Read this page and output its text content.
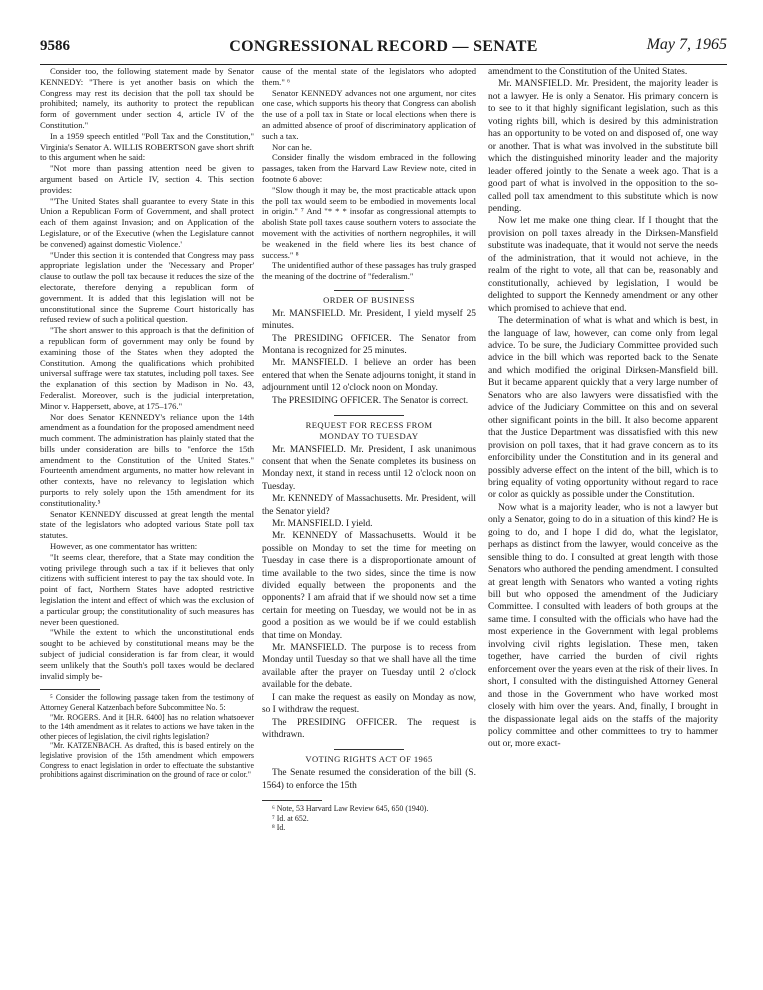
9586	CONGRESSIONAL RECORD — SENATE	May 7, 1965

Consider too, the following statement made by Senator KENNEDY: "There is yet another basis on which the Congress may rest its decision that the poll tax should be prohibited; namely, its authority to protect the republican form of government under section 4, article IV of the Constitution."

In a 1959 speech entitled "Poll Tax and the Constitution," Virginia's Senator A. WILLIS ROBERTSON gave short shrift to this argument when he said:

"Not more than passing attention need be given to argument based on Article IV, section 4. This section provides:

"'The United States shall guarantee to every State in this Union a Republican Form of Government, and shall protect each of them against Invasion; and on Application of the Legislature, or of the Executive (when the Legislature cannot be convened) against domestic Violence.'

"Under this section it is contended that Congress may pass appropriate legislation under the 'Necessary and Proper' clause to outlaw the poll tax because it reduces the size of the electorate, therefore denying a republican form of government. It is added that this legislation will not be unconstitutional since the Supreme Court historically has refused review of such a political question.

"The short answer to this approach is that the definition of a republican form of government may only be found by examining those of the States when they adopted the Constitution. Among the qualifications which prohibited universal suffrage were tax statutes, including poll taxes. See the explanation of this section by Madison in No. 43, Federalist. Moreover, such is the judicial interpretation, Minor v. Happersett, above, at 175–176."

Nor does Senator KENNEDY's reliance upon the 14th amendment as a foundation for the proposed amendment need much comment. The administration has plainly stated that the bills under consideration are bills to "enforce the 15th amendment to the Constitution of the United States." Fourteenth amendment arguments, no matter how relevant in other contexts, have no relevancy to legislation which purports to rely solely upon the 15th amendment for its constitutionality.⁵

Senator KENNEDY discussed at great length the mental state of the legislators who adopted various State poll tax statutes.

However, as one commentator has written:

"It seems clear, therefore, that a State may condition the voting privilege through such a tax if it believes that only citizens with sufficient interest to pay the tax should vote. In point of fact, Northern States have adopted restrictive legislation the intent and effect of which was the exclusion of a particular group; the constitutionality of such measures has never been questioned.

"While the extent to which the unconstitutional ends sought to be achieved by constitutional means may be the subject of judicial consideration is far from clear, it would seem unlikely that the South's poll taxes would be declared invalid simply be-

⁵ Consider the following passage taken from the testimony of Attorney General Katzenbach before Subcommittee No. 5:

"Mr. ROGERS. And it [H.R. 6400] has no relation whatsoever to the 14th amendment as it relates to actions we have taken in the other pieces of legislation, the civil rights legislation?

"Mr. KATZENBACH. As drafted, this is based entirely on the legislative provision of the 15th amendment which empowers Congress to enact legislation in order to effectuate the substantive prohibitions against discrimination on the ground of race or color."

cause of the mental state of the legislators who adopted them." ⁶

Senator KENNEDY advances not one argument, nor cites one case, which supports his theory that Congress can abolish the use of a poll tax in State or local elections when there is an admitted absence of proof of discriminatory application of such a tax.

Nor can he.

Consider finally the wisdom embraced in the following passages, taken from the Harvard Law Review note, cited in footnote 6 above:

"Slow though it may be, the most practicable attack upon the poll tax would seem to be embodied in movements local in origin." ⁷ And "* * * insofar as congressional attempts to abolish State poll taxes cause southern voters to associate the movement with the activities of northern negrophiles, it will be weakened in the field where lies its best chance of success." ⁸

The unidentified author of these passages has truly grasped the meaning of the doctrine of "federalism."

ORDER OF BUSINESS

Mr. MANSFIELD. Mr. President, I yield myself 25 minutes.

The PRESIDING OFFICER. The Senator from Montana is recognized for 25 minutes.

Mr. MANSFIELD. I believe an order has been entered that when the Senate adjourns tonight, it stand in adjournment until 12 o'clock noon on Monday.

The PRESIDING OFFICER. The Senator is correct.

REQUEST FOR RECESS FROM

MONDAY TO TUESDAY

Mr. MANSFIELD. Mr. President, I ask unanimous consent that when the Senate completes its business on Monday next, it stand in recess until 12 o'clock noon on Tuesday.

Mr. KENNEDY of Massachusetts. Mr. President, will the Senator yield?

Mr. MANSFIELD. I yield.

Mr. KENNEDY of Massachusetts. Would it be possible on Monday to set the time for meeting on Tuesday in case there is a disproportionate amount of time available to the two sides, since the time is now divided equally between the proponents and the opponents? I am afraid that if we should now set a time certain for meeting on Tuesday, we would not be in as good a position as we would be if we could establish that time on Monday.

Mr. MANSFIELD. The purpose is to recess from Monday until Tuesday so that we shall have all the time available after the prayer on Tuesday until 2 o'clock available for the debate.

I can make the request as easily on Monday as now, so I withdraw the request.

The PRESIDING OFFICER. The request is withdrawn.

VOTING RIGHTS ACT OF 1965

The Senate resumed the consideration of the bill (S. 1564) to enforce the 15th

⁶ Note, 53 Harvard Law Review 645, 650 (1940).

⁷ Id. at 652.

⁸ Id.

amendment to the Constitution of the United States.

Mr. MANSFIELD. Mr. President, the majority leader is not a lawyer. He is only a Senator. His primary concern is to see to it that highly significant legislation, such as this voting rights bill, which is desired by this administration has an opportunity to be voted on and disposed of, one way or another. That is what was involved in the substitute bill which the distinguished minority leader and the majority leader offered jointly to the Senate a week ago. That is a good part of what is involved in the opposition to the so-called poll tax amendment to this substitute which is now pending.

Now let me make one thing clear. If I thought that the provision on poll taxes already in the Dirksen-Mansfield substitute was inadequate, that it would not serve the needs of the administration, that it would not achieve, in the realm of the right to vote, all that can be, reasonably and constitutionally, achieved by legislation, I would be delighted to support the Kennedy amendment or any other which promised to achieve that end.

The determination of what is what and which is best, in the language of law, however, can come only from legal advice. To be sure, the Judiciary Committee provided such advice in the bill which was reported back to the Senate and which modified the original Dirksen-Mansfield bill. But it became apparent quickly that a very large number of Senators who are also lawyers were dissatisfied with the advice of the Judiciary Committee on this and on several other significant points in the bill. It also become apparent that the Justice Department was dissatisfied with this new provision on poll taxes, that it had grave concern as to its enforcibility under the Constitution and in its general and possibly adverse effect on the intent of the bill, which is to bring equality of voting opportunity without regard to race or color as quickly as possible under the Constitution.

Now what is a majority leader, who is not a lawyer but only a Senator, going to do in a situation of this kind? He is going to do, and I hope I did do, what the legislator, perhaps as distinct from the lawyer, would conceive as the sensible thing to do. I consulted at great length with those Senators who authored the pending amendment. I consulted at great length with Senators who wanted a voting rights bill but who opposed the amendment of the Judiciary Committee. I consulted with leaders of both groups at the same time. I consulted with the officials who have had the most experience in the Government with legal problems involving civil rights legislation. These men, taken together, have carried the burden of civil rights enforcement over the years even at the risk of their lives. In short, I consulted with the distinguished Attorney General and those in the Government who have worked most closely with him over the years. And, finally, I brought in the dispassionate legal aids on the staffs of the majority policy committee and other committees to try to hammer out or, more exact-
